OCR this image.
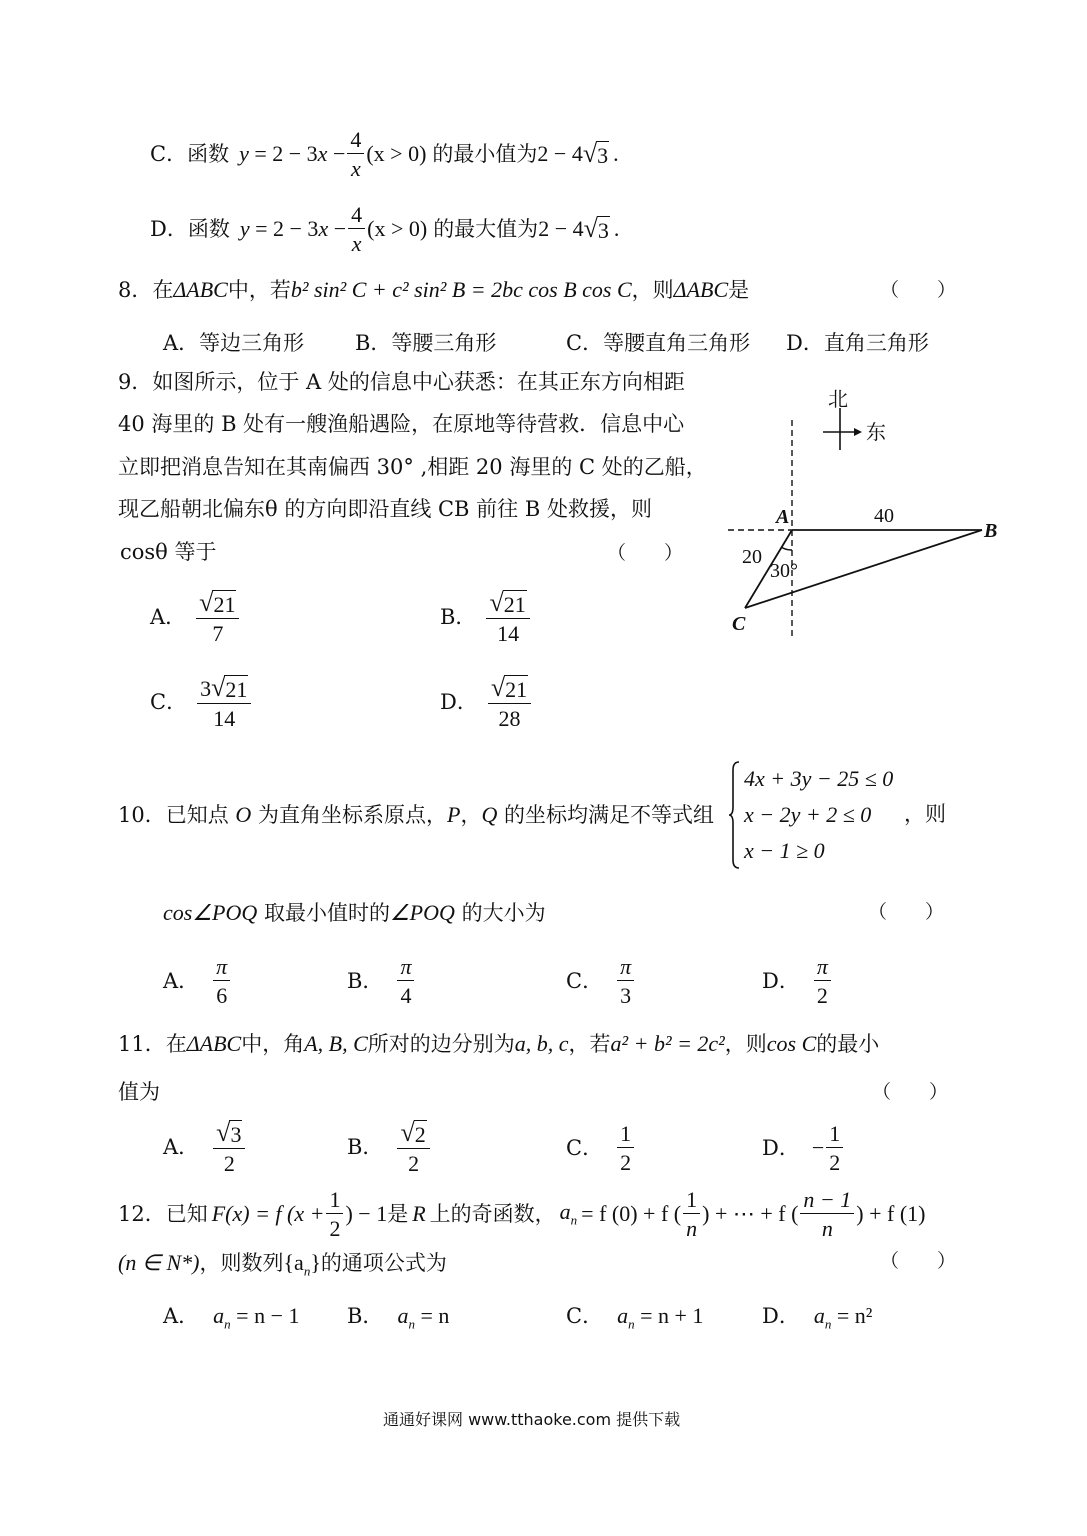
C．函数 $y = 2 - 3x - \frac{4}{x} (x > 0)$ 的最小值为 2 − 4 √ 3 .
D．函数 $y = 2 - 3x - \frac{4}{x} (x > 0)$ 的最大值为 2 − 4 √ 3 .
8．在ΔABC中，若b² sin² C + c² sin² B = 2bc cos B cos C，则ΔABC是	（　　）
A．等边三角形 B．等腰三角形	C．等腰直角三角形 D．直角三角形
9．如图所示，位于 A 处的信息中心获悉：在其正东方向相距
40 海里的 B 处有一艘渔船遇险，在原地等待营救．信息中心
立即把消息告知在其南偏西 30° ,相距 20 海里的 C 处的乙船，
现乙船朝北偏东θ 的方向即沿直线 CB 前往 B 处救援，则
cosθ 等于	（　　）
A． $\frac{√ 21}{7}$	B． $\frac{√ 21}{14}$
C． $\frac{3 √ 21}{14}$	D． $\frac{√ 21}{28}$
北
东
A
B
C
40
20
30°
10．已知点 O 为直角坐标系原点，P，Q 的坐标均满足不等式组
4x + 3y − 25 ≤ 0
x − 2y + 2 ≤ 0
x − 1 ≥ 0
，则
cos∠POQ 取最小值时的∠POQ 的大小为	（　　）
A． $\frac{\pi}{6}$	B． $\frac{\pi}{4}$	C． $\frac{\pi}{3}$	D． $\frac{\pi}{2}$
11．在ΔABC中，角A, B, C所对的边分别为a, b, c，若a² + b² = 2c²，则cos C的最小
值为	（　　）
A． $\frac{√ 3}{2}$	B． $\frac{√ 2}{2}$	C． $\frac{1}{2}$	D． − $\frac{1}{2}$
12．已知 F(x) = f ($x + \frac{1}{2}$ ) − 1 是 R 上的奇函数， $a_n = f$ (0) + f ( $\frac{1}{n}$ ) + ⋯ + f ( $\frac{n - 1}{n}$ ) + f (1)
(n ∈ N*)，则数列$\{a_n\}$的通项公式为	（　　）
A． $a_n = n - 1$ B． $a_n = n$	C． $a_n = n + 1$	D． $a_n = n^2$
通通好课网 www.tthaoke.com 提供下载
